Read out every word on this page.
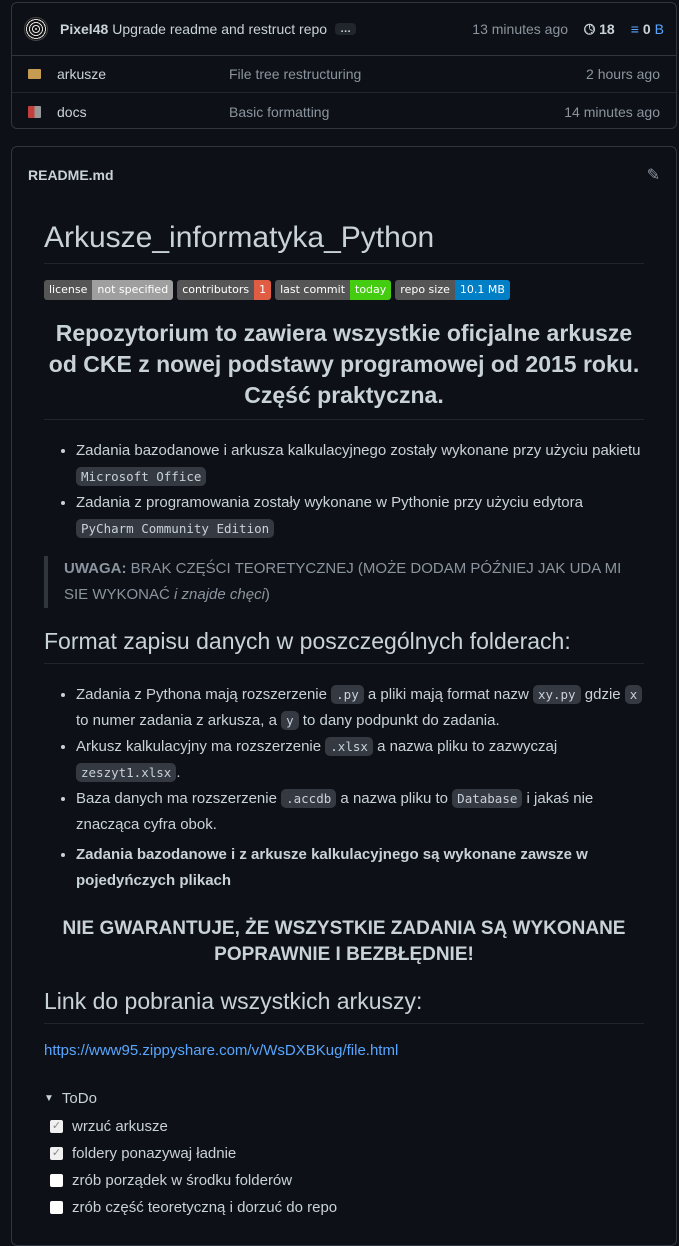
Pixel48 Upgrade readme and restruct repo	…	13 minutes ago 🕓︎ 18 ≡ 0 B
arkusze	File tree restructuring	2 hours ago
docs	Basic formatting	14 minutes ago
README.md	✎
Arkusze_informatyka_Python
license not specified	contributors 1	last commit today	repo size 10.1 MB
Repozytorium to zawiera wszystkie oficjalne arkusze od CKE z nowej podstawy programowej od 2015 roku. Część praktyczna.
• Zadania bazodanowe i arkusza kalkulacyjnego zostały wykonane przy użyciu pakietu Microsoft Office
• Zadania z programowania zostały wykonane w Pythonie przy użyciu edytora PyCharm Community Edition
UWAGA: BRAK CZĘŚCI TEORETYCZNEJ (MOŻE DODAM PÓŹNIEJ JAK UDA MI SIE WYKONAĆ i znajde chęci)
Format zapisu danych w poszczególnych folderach:
• Zadania z Pythona mają rozszerzenie .py a pliki mają format nazw xy.py gdzie x to numer zadania z arkusza, a y to dany podpunkt do zadania.
• Arkusz kalkulacyjny ma rozszerzenie .xlsx a nazwa pliku to zazwyczaj zeszyt1.xlsx .
• Baza danych ma rozszerzenie .accdb a nazwa pliku to Database i jakaś nie znacząca cyfra obok.
• Zadania bazodanowe i z arkusze kalkulacyjnego są wykonane zawsze w pojedyńczych plikach
NIE GWARANTUJE, ŻE WSZYSTKIE ZADANIA SĄ WYKONANE POPRAWNIE I BEZBŁĘDNIE!
Link do pobrania wszystkich arkuszy:
https://www95.zippyshare.com/v/WsDXBKug/file.html
▼ ToDo
✓ wrzuć arkusze
✓ foldery ponazywaj ładnie
zrób porządek w środku folderów
zrób część teoretyczną i dorzuć do repo
